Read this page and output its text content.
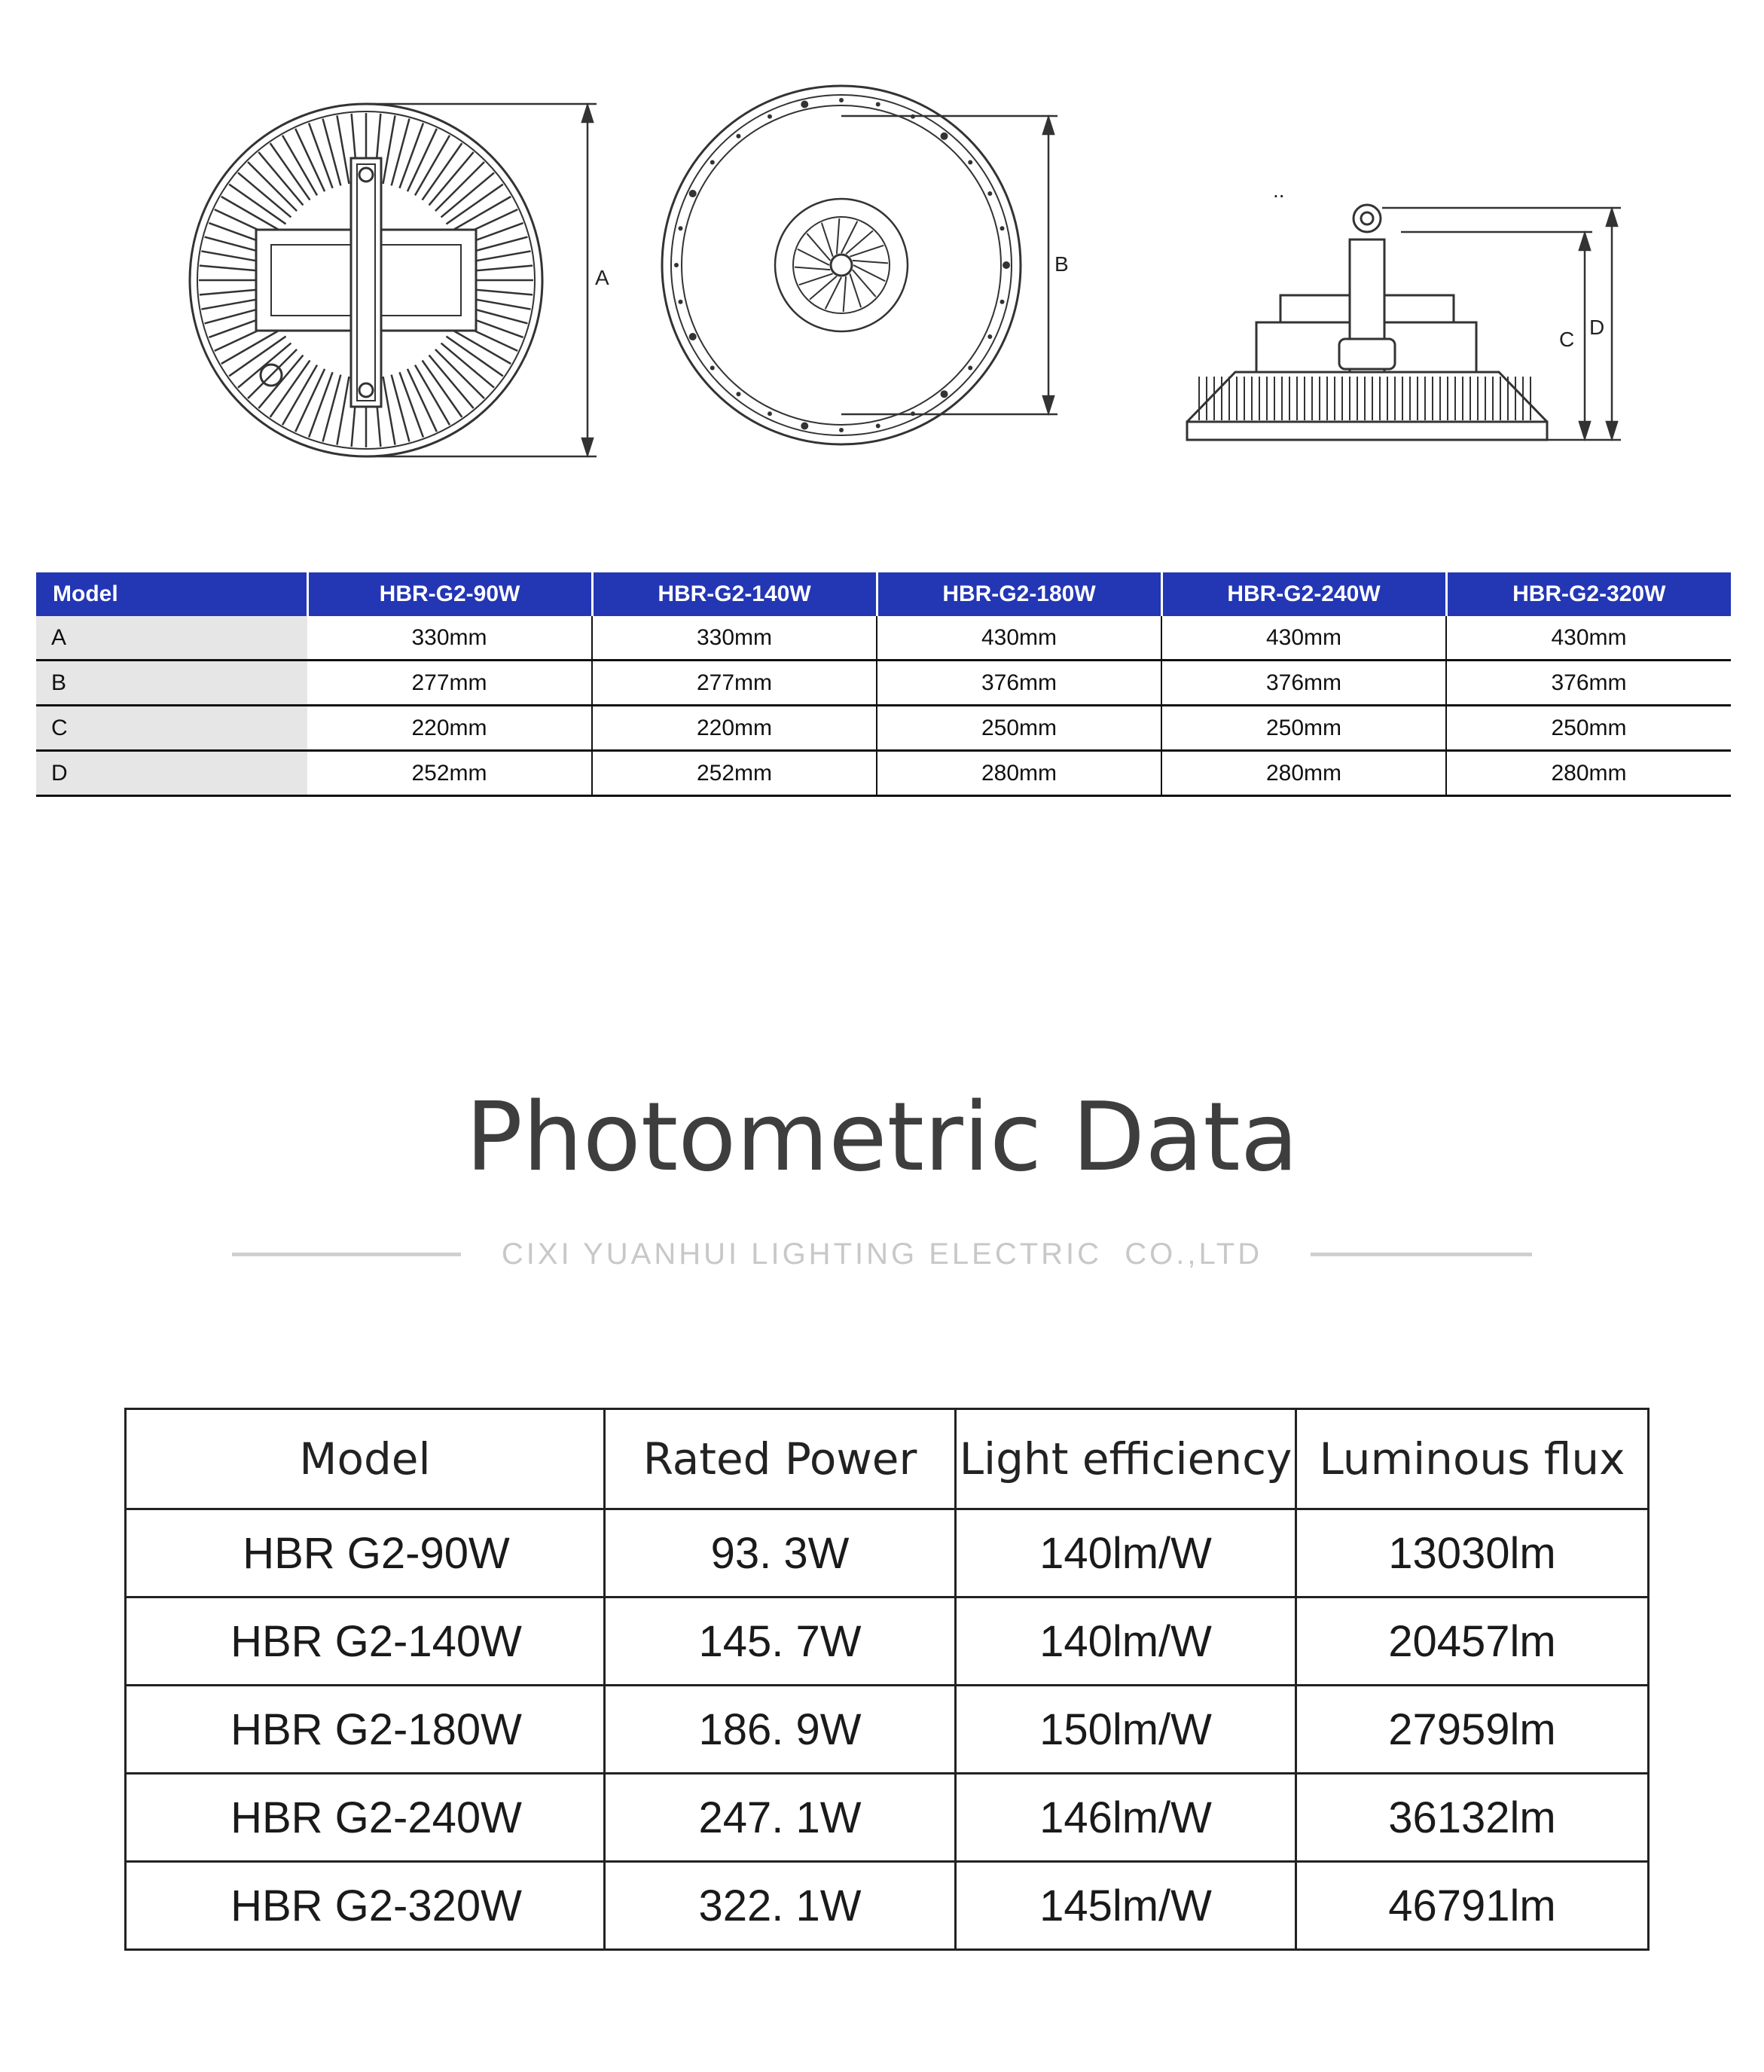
A
B
..
C
D
Model	HBR-G2-90W	HBR-G2-140W	HBR-G2-180W	HBR-G2-240W	HBR-G2-320W
A	330mm	330mm	430mm	430mm	430mm
B	277mm	277mm	376mm	376mm	376mm
C	220mm	220mm	250mm	250mm	250mm
D	252mm	252mm	280mm	280mm	280mm
Photometric Data
CIXI YUANHUI LIGHTING ELECTRIC  CO.,LTD
Model	Rated Power	Light efficiency	Luminous flux
HBR G2-90W	93. 3W	140lm/W	13030lm
HBR G2-140W	145. 7W	140lm/W	20457lm
HBR G2-180W	186. 9W	150lm/W	27959lm
HBR G2-240W	247. 1W	146lm/W	36132lm
HBR G2-320W	322. 1W	145lm/W	46791lm
